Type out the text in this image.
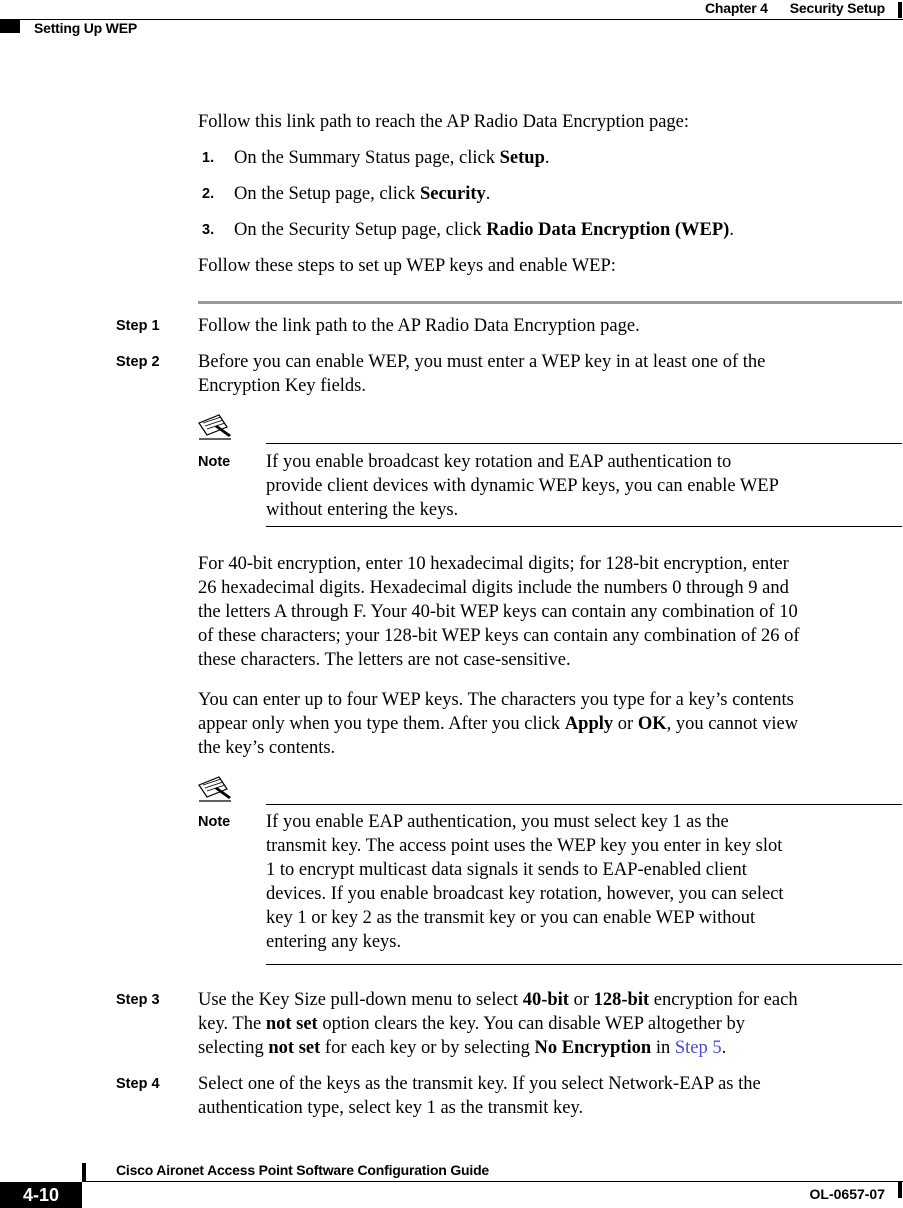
Chapter 4 Security Setup
Setting Up WEP
Follow this link path to reach the AP Radio Data Encryption page:
1. On the Summary Status page, click Setup.
2. On the Setup page, click Security.
3. On the Security Setup page, click Radio Data Encryption (WEP).
Follow these steps to set up WEP keys and enable WEP:
Step 1 Follow the link path to the AP Radio Data Encryption page.
Step 2 Before you can enable WEP, you must enter a WEP key in at least one of the
Encryption Key fields.
Note If you enable broadcast key rotation and EAP authentication to
provide client devices with dynamic WEP keys, you can enable WEP
without entering the keys.
For 40-bit encryption, enter 10 hexadecimal digits; for 128-bit encryption, enter
26 hexadecimal digits. Hexadecimal digits include the numbers 0 through 9 and
the letters A through F. Your 40-bit WEP keys can contain any combination of 10
of these characters; your 128-bit WEP keys can contain any combination of 26 of
these characters. The letters are not case-sensitive.
You can enter up to four WEP keys. The characters you type for a key’s contents
appear only when you type them. After you click Apply or OK, you cannot view
the key’s contents.
Note If you enable EAP authentication, you must select key 1 as the
transmit key. The access point uses the WEP key you enter in key slot
1 to encrypt multicast data signals it sends to EAP-enabled client
devices. If you enable broadcast key rotation, however, you can select
key 1 or key 2 as the transmit key or you can enable WEP without
entering any keys.
Step 3 Use the Key Size pull-down menu to select 40-bit or 128-bit encryption for each
key. The not set option clears the key. You can disable WEP altogether by
selecting not set for each key or by selecting No Encryption in Step 5.
Step 4 Select one of the keys as the transmit key. If you select Network-EAP as the
authentication type, select key 1 as the transmit key.
Cisco Aironet Access Point Software Configuration Guide
4-10	OL-0657-07
